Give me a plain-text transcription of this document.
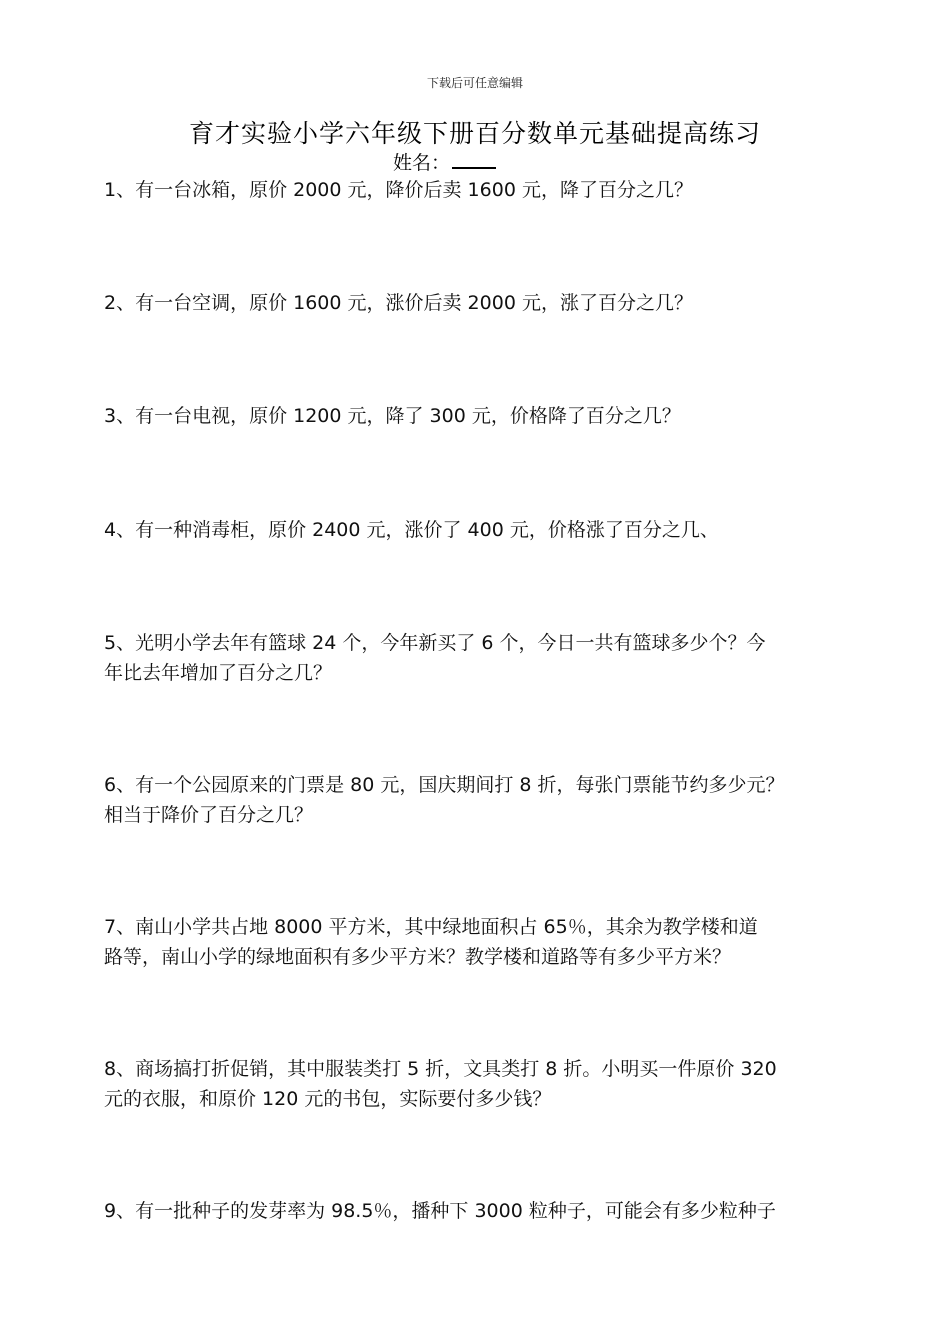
下载后可任意编辑
育才实验小学六年级下册百分数单元基础提高练习
姓名：
1、有一台冰箱，原价 2000 元，降价后卖 1600 元，降了百分之几？
2、有一台空调，原价 1600 元，涨价后卖 2000 元，涨了百分之几？
3、有一台电视，原价 1200 元，降了 300 元，价格降了百分之几？
4、有一种消毒柜，原价 2400 元，涨价了 400 元，价格涨了百分之几、
5、光明小学去年有篮球 24 个，今年新买了 6 个，今日一共有篮球多少个？今
年比去年增加了百分之几？
6、有一个公园原来的门票是 80 元，国庆期间打 8 折，每张门票能节约多少元？
相当于降价了百分之几？
7、南山小学共占地 8000 平方米，其中绿地面积占 65％，其余为教学楼和道
路等，南山小学的绿地面积有多少平方米？教学楼和道路等有多少平方米？
8、商场搞打折促销，其中服装类打 5 折，文具类打 8 折。小明买一件原价 320
元的衣服，和原价 120 元的书包，实际要付多少钱？
9、有一批种子的发芽率为 98.5％，播种下 3000 粒种子，可能会有多少粒种子
